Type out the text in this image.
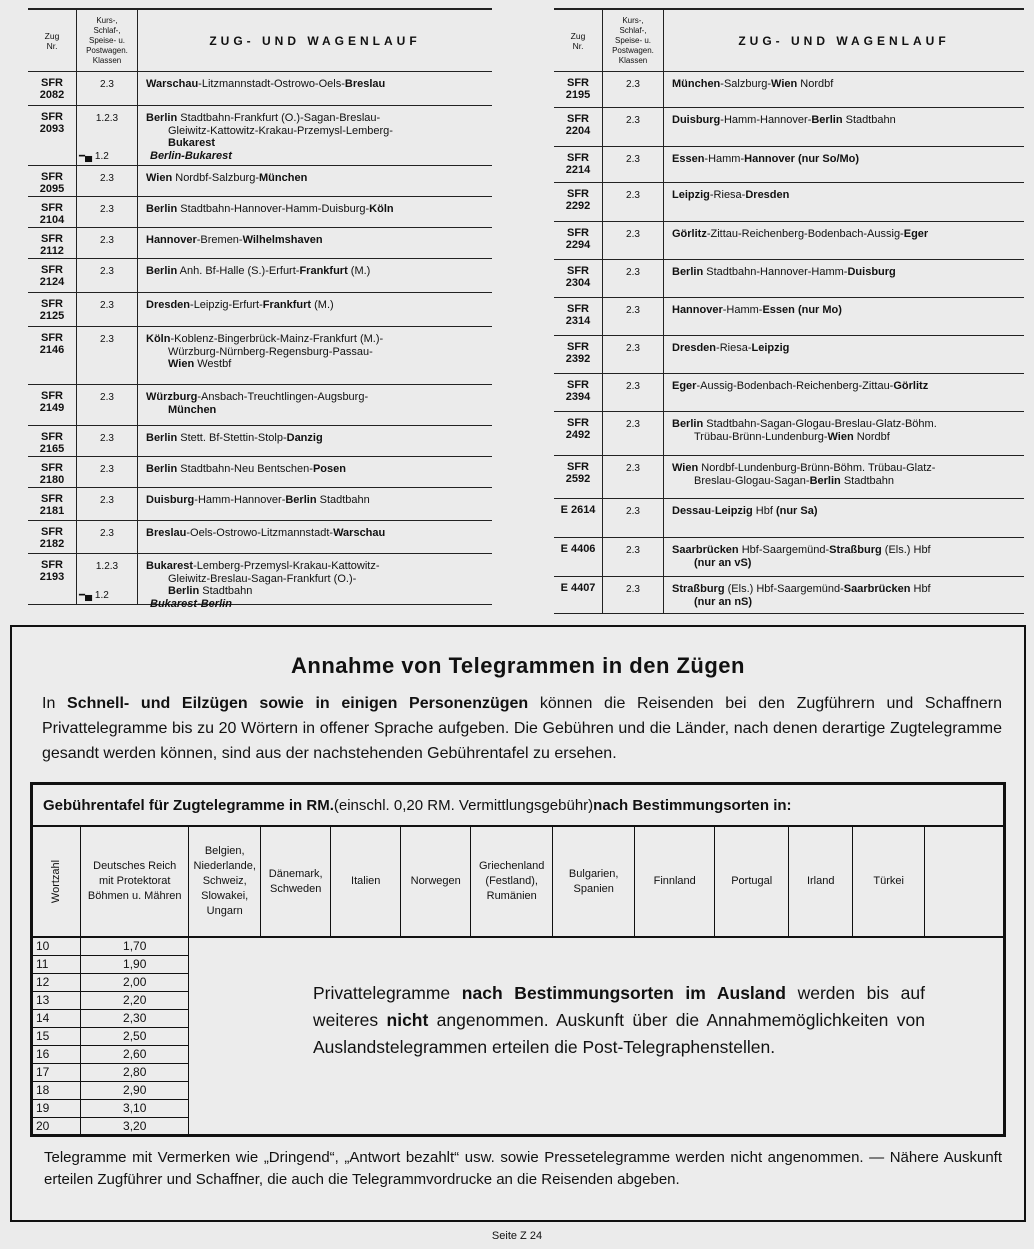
Zug
Nr.
Kurs-,
Schlaf-,
Speise- u.
Postwagen.
Klassen
ZUG- UND WAGENLAUF
SFR
2082
2.3	Warschau-Litzmannstadt-Ostrowo-Oels-Breslau
SFR
2093
1.2.3
━▄ 1.2
Berlin Stadtbahn-Frankfurt (O.)-Sagan-Breslau-
Gleiwitz-Kattowitz-Krakau-Przemysl-Lemberg-
Bukarest
Berlin-Bukarest
SFR
2095
2.3	Wien Nordbf-Salzburg-München
SFR
2104
2.3	Berlin Stadtbahn-Hannover-Hamm-Duisburg-Köln
SFR
2112
2.3	Hannover-Bremen-Wilhelmshaven
SFR
2124
2.3	Berlin Anh. Bf-Halle (S.)-Erfurt-Frankfurt (M.)
SFR
2125
2.3	Dresden-Leipzig-Erfurt-Frankfurt (M.)
SFR
2146
2.3	Köln-Koblenz-Bingerbrück-Mainz-Frankfurt (M.)-
Würzburg-Nürnberg-Regensburg-Passau-
Wien Westbf
SFR
2149
2.3	Würzburg-Ansbach-Treuchtlingen-Augsburg-
München
SFR
2165
2.3	Berlin Stett. Bf-Stettin-Stolp-Danzig
SFR
2180
2.3	Berlin Stadtbahn-Neu Bentschen-Posen
SFR
2181
2.3	Duisburg-Hamm-Hannover-Berlin Stadtbahn
SFR
2182
2.3	Breslau-Oels-Ostrowo-Litzmannstadt-Warschau
SFR
2193
1.2.3
━▄ 1.2
Bukarest-Lemberg-Przemysl-Krakau-Kattowitz-
Gleiwitz-Breslau-Sagan-Frankfurt (O.)-
Berlin Stadtbahn
Bukarest-Berlin
Zug
Nr.
Kurs-,
Schlaf-,
Speise- u.
Postwagen.
Klassen
ZUG- UND WAGENLAUF
SFR
2195
2.3	München-Salzburg-Wien Nordbf
SFR
2204
2.3	Duisburg-Hamm-Hannover-Berlin Stadtbahn
SFR
2214
2.3	Essen-Hamm-Hannover (nur So/Mo)
SFR
2292
2.3	Leipzig-Riesa-Dresden
SFR
2294
2.3	Görlitz-Zittau-Reichenberg-Bodenbach-Aussig-Eger
SFR
2304
2.3	Berlin Stadtbahn-Hannover-Hamm-Duisburg
SFR
2314
2.3	Hannover-Hamm-Essen (nur Mo)
SFR
2392
2.3	Dresden-Riesa-Leipzig
SFR
2394
2.3	Eger-Aussig-Bodenbach-Reichenberg-Zittau-Görlitz
SFR
2492
2.3	Berlin Stadtbahn-Sagan-Glogau-Breslau-Glatz-Böhm.
Trübau-Brünn-Lundenburg-Wien Nordbf
SFR
2592
2.3	Wien Nordbf-Lundenburg-Brünn-Böhm. Trübau-Glatz-
Breslau-Glogau-Sagan-Berlin Stadtbahn
E 2614	2.3	Dessau-Leipzig Hbf (nur Sa)
E 4406	2.3	Saarbrücken Hbf-Saargemünd-Straßburg (Els.) Hbf
(nur an vS)
E 4407	2.3	Straßburg (Els.) Hbf-Saargemünd-Saarbrücken Hbf
(nur an nS)
Annahme von Telegrammen in den Zügen
In Schnell- und Eilzügen sowie in einigen Personenzügen können die Reisenden bei den Zugführern und Schaffnern Privattelegramme bis zu 20 Wörtern in offener Sprache aufgeben. Die Gebühren und die Länder, nach denen derartige Zugtelegramme gesandt werden können, sind aus der nachstehenden Gebührentafel zu ersehen.
Gebührentafel für Zugtelegramme in RM. (einschl. 0,20 RM. Vermittlungsgebühr) nach Bestimmungsorten in:
Wortzahl	Deutsches Reich
mit Protektorat
Böhmen u. Mähren	Belgien,
Niederlande,
Schweiz,
Slowakei,
Ungarn	Dänemark,
Schweden	Italien	Norwegen	Griechenland
(Festland),
Rumänien	Bulgarien,
Spanien	Finnland	Portugal	Irland	Türkei	
10	1,70											
11	1,90											
12	2,00											
13	2,20											
14	2,30											
15	2,50											
16	2,60											
17	2,80											
18	2,90											
19	3,10											
20	3,20											
Privattelegramme nach Bestimmungsorten im Ausland werden bis auf weiteres nicht angenommen. Auskunft über die Annahmemöglichkeiten von Auslandstelegrammen erteilen die Post-Telegraphenstellen.
Telegramme mit Vermerken wie „Dringend“, „Antwort bezahlt“ usw. sowie Pressetelegramme werden nicht angenommen. — Nähere Auskunft erteilen Zugführer und Schaffner, die auch die Telegrammvordrucke an die Reisenden abgeben.
Seite Z 24
